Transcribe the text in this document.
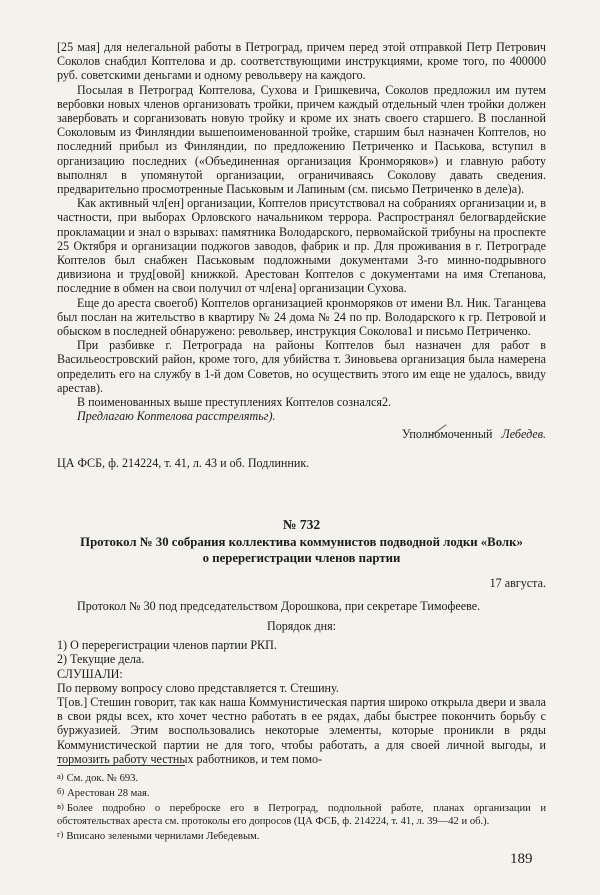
[25 мая] для нелегальной работы в Петроград, причем перед этой отправкой Петр Петрович Соколов снабдил Коптелова и др. соответствующими инструкциями, кроме того, по 400000 руб. советскими деньгами и одному револьверу на каждого.

Посылая в Петроград Коптелова, Сухова и Гришкевича, Соколов предложил им путем вербовки новых членов организовать тройки, причем каждый отдельный член тройки должен завербовать и сорганизовать новую тройку и кроме их знать своего старшего. В посланной Соколовым из Финляндии вышепоименованной тройке, старшим был назначен Коптелов, но последний прибыл из Финляндии, по предложению Петриченко и Паськова, вступил в организацию последних («Объединенная организация Кронморяков») и главную работу выполнял в упомянутой организации, ограничиваясь Соколову давать сведения. предварительно просмотренные Паськовым и Лапиным (см. письмо Петриченко в деле)а).

Как активный чл[ен] организации, Коптелов присутствовал на собраниях организации и, в частности, при выборах Орловского начальником террора. Распространял белогвардейские прокламации и знал о взрывах: памятника Володарского, первомайской трибуны на проспекте 25 Октября и организации поджогов заводов, фабрик и пр. Для проживания в г. Петрограде Коптелов был снабжен Паськовым подложными документами 3-го минно-подрывного дивизиона и труд[овой] книжкой. Арестован Коптелов с документами на имя Степанова, последние в обмен на свои получил от чл[ена] организации Сухова.

Еще до ареста своегоб) Коптелов организацией кронморяков от имени Вл. Ник. Таганцева был послан на жительство в квартиру № 24 дома № 24 по пр. Володарского к гр. Петровой и обыском в последней обнаружено: револьвер, инструкция Соколова1 и письмо Петриченко.

При разбивке г. Петрограда на районы Коптелов был назначен для работ в Васильеостровский район, кроме того, для убийства т. Зиновьева организация была намерена определить его на службу в 1-й дом Советов, но осуществить этого им еще не удалось, ввиду арестав).

В поименованных выше преступлениях Коптелов сознался2.

Предлагаю Коптелова расстрелятьг).

Уполномоченный Лебедев.

ЦА ФСБ, ф. 214224, т. 41, л. 43 и об. Подлинник.

№ 732

Протокол № 30 собрания коллектива коммунистов подводной лодки «Волк»

о перерегистрации членов партии

17 августа.

Протокол № 30 под председательством Дорошкова, при секретаре Тимофееве.

Порядок дня:

1) О перерегистрации членов партии РКП.

2) Текущие дела.

СЛУШАЛИ:

По первому вопросу слово представляется т. Стешину.

Т[ов.] Стешин говорит, так как наша Коммунистическая партия широко открыла двери и звала в свои ряды всех, кто хочет честно работать в ее рядах, дабы быстрее покончить борьбу с буржуазией. Этим воспользовались некоторые элементы, которые проникли в ряды Коммунистической партии не для того, чтобы работать, а для своей личной выгоды, и тормозить работу честных работников, и тем помо-

а) См. док. № 693.

б) Арестован 28 мая.

в) Более подробно о переброске его в Петроград, подпольной работе, планах организации и обстоятельствах ареста см. протоколы его допросов (ЦА ФСБ, ф. 214224, т. 41, л. 39—42 и об.).

г) Вписано зелеными чернилами Лебедевым.

189
